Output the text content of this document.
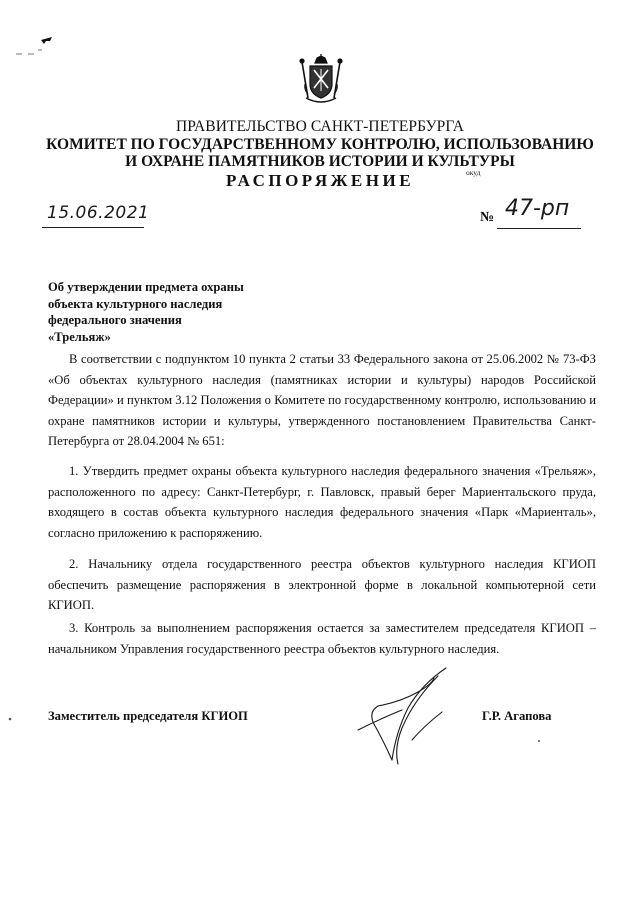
ПРАВИТЕЛЬСТВО САНКТ-ПЕТЕРБУРГА
КОМИТЕТ ПО ГОСУДАРСТВЕННОМУ КОНТРОЛЮ, ИСПОЛЬЗОВАНИЮ
И ОХРАНЕ ПАМЯТНИКОВ ИСТОРИИ И КУЛЬТУРЫ
РАСПОРЯЖЕНИЕ	окуд
15.06.2021	№ 47-рп
Об утверждении предмета охраны
объекта культурного наследия
федерального значения
«Трельяж»

В соответствии с подпунктом 10 пункта 2 статьи 33 Федерального закона от 25.06.2002 № 73-ФЗ «Об объектах культурного наследия (памятниках истории и культуры) народов Российской Федерации» и пунктом 3.12 Положения о Комитете по государственному контролю, использованию и охране памятников истории и культуры, утвержденного постановлением Правительства Санкт-Петербурга от 28.04.2004 № 651:

1. Утвердить предмет охраны объекта культурного наследия федерального значения «Трельяж», расположенного по адресу: Санкт-Петербург, г. Павловск, правый берег Мариентальского пруда, входящего в состав объекта культурного наследия федерального значения «Парк «Мариенталь», согласно приложению к распоряжению.

2. Начальнику отдела государственного реестра объектов культурного наследия КГИОП обеспечить размещение распоряжения в электронной форме в локальной компьютерной сети КГИОП.

3. Контроль за выполнением распоряжения остается за заместителем председателя КГИОП – начальником Управления государственного реестра объектов культурного наследия.

Заместитель председателя КГИОП	Г.Р. Агапова
